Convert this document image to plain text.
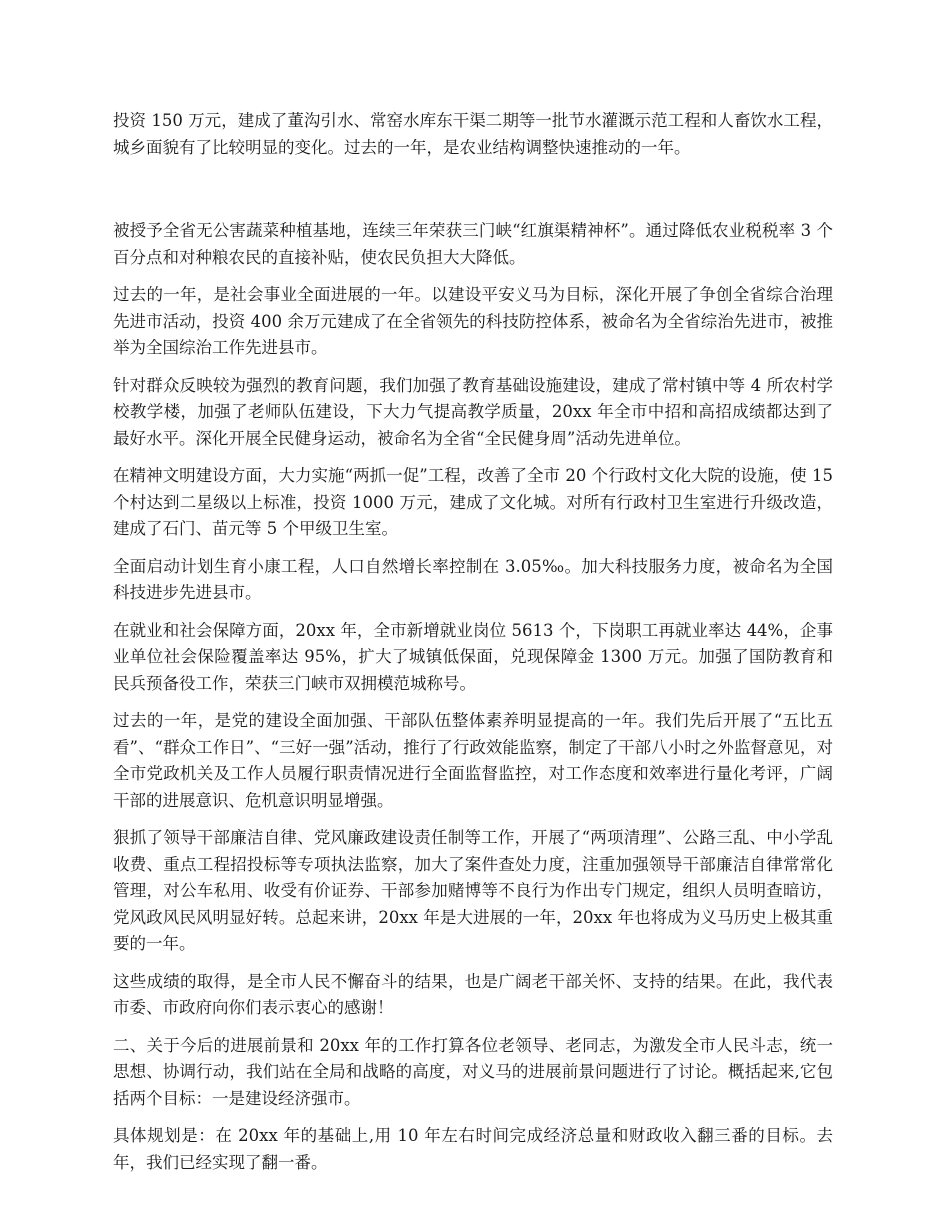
投资 150 万元，建成了董沟引水、常窑水库东干渠二期等一批节水灌溉示范工程和人畜饮水工程，城乡面貌有了比较明显的变化。过去的一年，是农业结构调整快速推动的一年。

被授予全省无公害蔬菜种植基地，连续三年荣获三门峡“红旗渠精神杯”。通过降低农业税税率 3 个百分点和对种粮农民的直接补贴，使农民负担大大降低。

过去的一年，是社会事业全面进展的一年。以建设平安义马为目标，深化开展了争创全省综合治理先进市活动，投资 400 余万元建成了在全省领先的科技防控体系，被命名为全省综治先进市，被推举为全国综治工作先进县市。

针对群众反映较为强烈的教育问题，我们加强了教育基础设施建设，建成了常村镇中等 4 所农村学校教学楼，加强了老师队伍建设，下大力气提高教学质量，20xx 年全市中招和高招成绩都达到了最好水平。深化开展全民健身运动，被命名为全省“全民健身周”活动先进单位。

在精神文明建设方面，大力实施“两抓一促”工程，改善了全市 20 个行政村文化大院的设施，使 15 个村达到二星级以上标准，投资 1000 万元，建成了文化城。对所有行政村卫生室进行升级改造，建成了石门、苗元等 5 个甲级卫生室。

全面启动计划生育小康工程，人口自然增长率控制在 3.05‰。加大科技服务力度，被命名为全国科技进步先进县市。

在就业和社会保障方面，20xx 年，全市新增就业岗位 5613 个，下岗职工再就业率达 44%，企事业单位社会保险覆盖率达 95%，扩大了城镇低保面，兑现保障金 1300 万元。加强了国防教育和民兵预备役工作，荣获三门峡市双拥模范城称号。

过去的一年，是党的建设全面加强、干部队伍整体素养明显提高的一年。我们先后开展了“五比五看”、“群众工作日”、“三好一强”活动，推行了行政效能监察，制定了干部八小时之外监督意见，对全市党政机关及工作人员履行职责情况进行全面监督监控，对工作态度和效率进行量化考评，广阔干部的进展意识、危机意识明显增强。

狠抓了领导干部廉洁自律、党风廉政建设责任制等工作，开展了“两项清理”、公路三乱、中小学乱收费、重点工程招投标等专项执法监察，加大了案件查处力度，注重加强领导干部廉洁自律常常化管理，对公车私用、收受有价证券、干部参加赌博等不良行为作出专门规定，组织人员明查暗访，党风政风民风明显好转。总起来讲，20xx 年是大进展的一年，20xx 年也将成为义马历史上极其重要的一年。

这些成绩的取得，是全市人民不懈奋斗的结果，也是广阔老干部关怀、支持的结果。在此，我代表市委、市政府向你们表示衷心的感谢！

二、关于今后的进展前景和 20xx 年的工作打算各位老领导、老同志，为激发全市人民斗志，统一思想、协调行动，我们站在全局和战略的高度，对义马的进展前景问题进行了讨论。概括起来,它包括两个目标：一是建设经济强市。

具体规划是：在 20xx 年的基础上,用 10 年左右时间完成经济总量和财政收入翻三番的目标。去年，我们已经实现了翻一番。
